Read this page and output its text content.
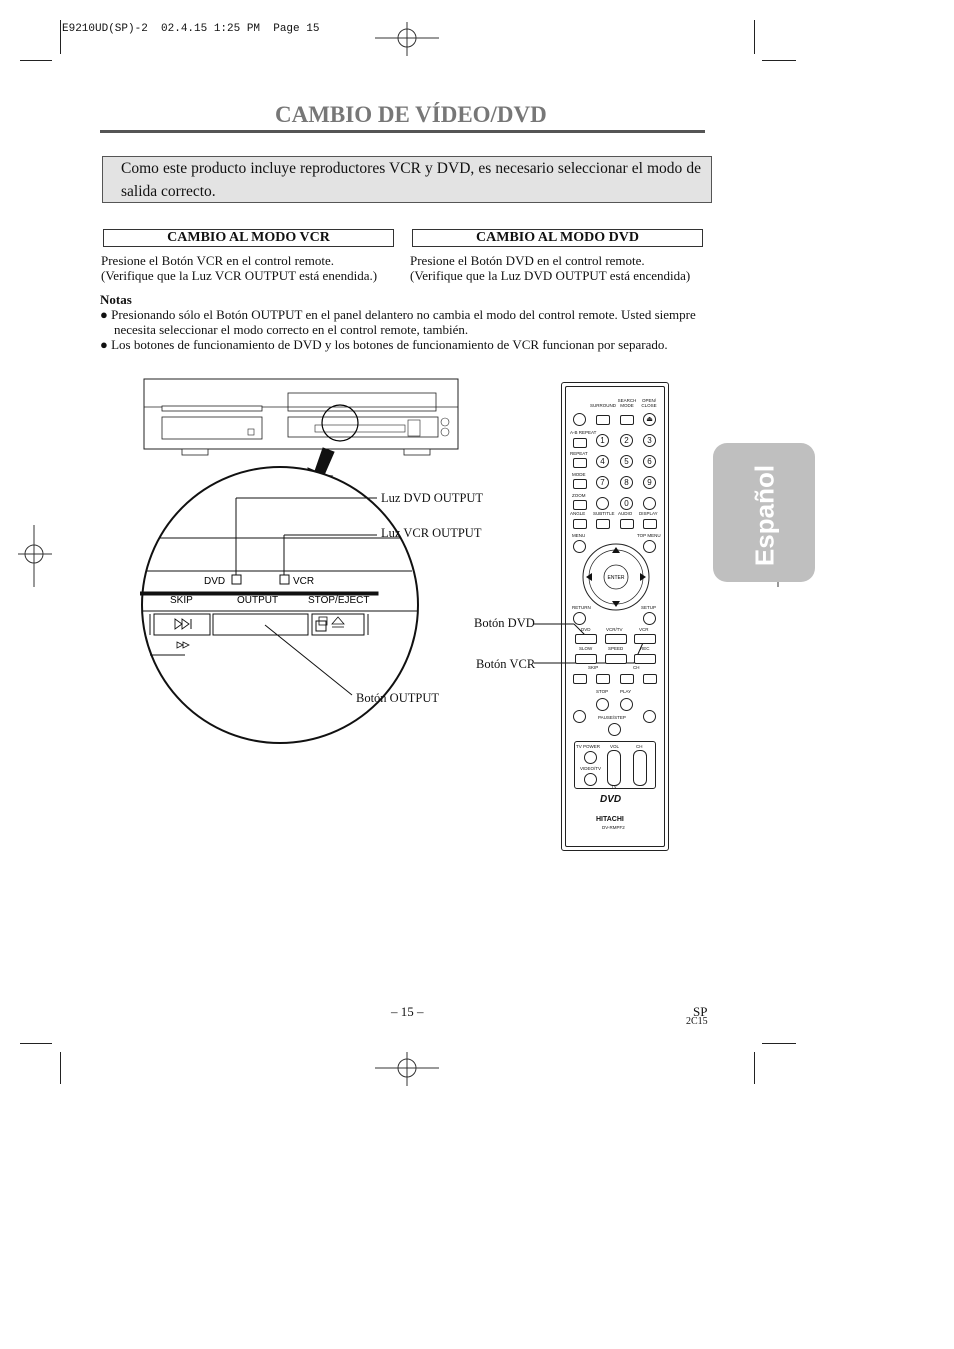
E9210UD(SP)-2  02.4.15 1:25 PM  Page 15
CAMBIO DE VÍDEO/DVD
Como este producto incluye reproductores VCR y DVD, es necesario seleccionar el modo de salida correcto.
CAMBIO AL MODO VCR	CAMBIO AL MODO DVD
Presione el Botón VCR en el control remote.
(Verifique que la Luz VCR OUTPUT está enendida.)
Presione el Botón DVD en el control remote.
(Verifique que la Luz DVD OUTPUT está encendida)
Notas
● Presionando sólo el Botón OUTPUT en el panel delantero no cambia el modo del control remote. Usted siempre necesita seleccionar el modo correcto en el control remote, también.
● Los botones de funcionamiento de DVD y los botones de funcionamiento de VCR funcionan por separado.
Español
DVD	VCR
SKIP	OUTPUT	STOP/EJECT
Luz DVD OUTPUT
Luz VCR OUTPUT
Botón OUTPUT
Botón DVD
Botón VCR
SURROUND
SEARCH MODE
OPEN/ CLOSE
⏏
A-B REPEAT
REPEAT
MODE
ZOOM
1	2	3
4	5	6
7	8	9
0
ANGLE SUBTITLE AUDIO DISPLAY
MENU	TOP MENU
ENTER
RETURN	SETUP
DVD	VCR/TV	VCR
SLOW	SPEED	REC
SKIP	CH
STOP	PLAY
PAUSE/STEP
TV POWER VOL	CH
VIDEO/TV
TV
DVD
HITACHI
DV-RMPF2
– 15 –	SP
2C15
